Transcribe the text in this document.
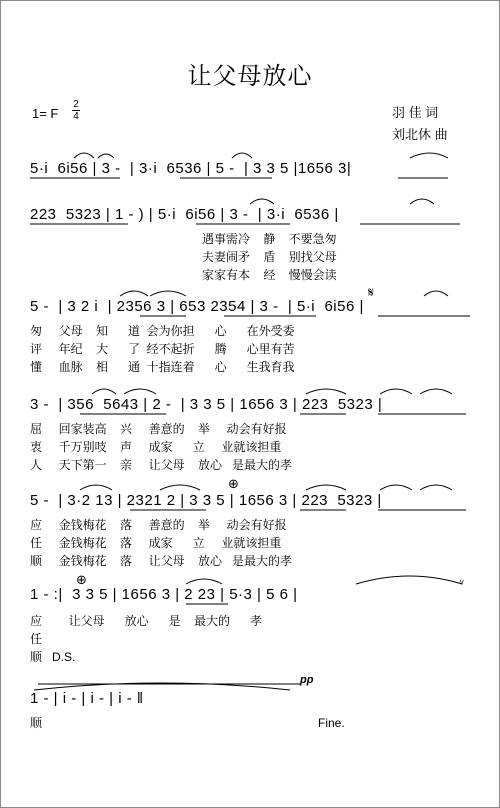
让父母放心
1= F
2
4	羽 佳 词
刘北休 曲
5·i  6i56 | 3 -  | 3·i  6536 | 5 -  | 3 3 5 |1656 3|
223  5323 | 1 - ) | 5·i  6i56 | 3 -  | 3·i  6536 |
遇事需冷    静    不要急匆
夫妻闹矛    盾    别找父母
家家有本    经    慢慢会读
5 -  | 3 2 i  | 2356 3 | 653 2354 | 3 -  | 5·i  6i56 |
匆     父母    知      道  会为你担      心      在外受委
评     年纪    大      了  经不起折      腾      心里有苦
懂     血脉    相      通  十指连着      心      生我育我
3 -  | 356  5643 | 2 -  | 3 3 5 | 1656 3 | 223  5323 |
屈     回家装高    兴     善意的    举     动会有好报
衷     千万别吱    声     成家      立     业就该担重
人     天下第一    亲     让父母    放心   是最大的孝
5 -  | 3·2 13 | 2321 2 | 3 3 5 | 1656 3 | 223  5323 |
应     金钱梅花    落     善意的    举     动会有好报
任     金钱梅花    落     成家      立     业就该担重
顺     金钱梅花    落     让父母    放心   是最大的孝
1 - :|  3 3 5 | 1656 3 | 2 23 | 5·3 | 5 6 |
应        让父母      放心      是    最大的      孝
任
顺   D.S.
1 - | i - | i - | i - ‖
顺
𝄋
⊕
⊕	ᵛ
pp
Fine.
